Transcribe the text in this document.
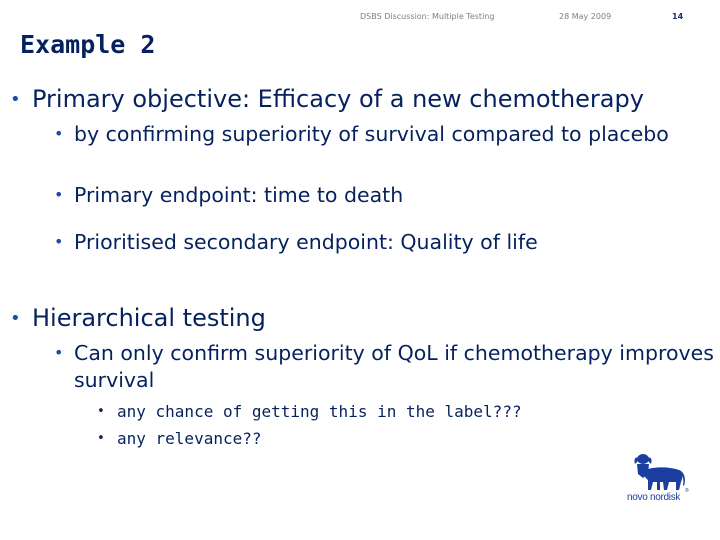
DSBS Discussion: Multiple Testing	28 May 2009	14
Example 2
• Primary objective: Efficacy of a new chemotherapy
• by confirming superiority of survival compared to placebo
• Primary endpoint: time to death
• Prioritised secondary endpoint: Quality of life
• Hierarchical testing
• Can only confirm superiority of QoL if chemotherapy improves survival
• any chance of getting this in the label???
• any relevance??
novo nordisk
®
